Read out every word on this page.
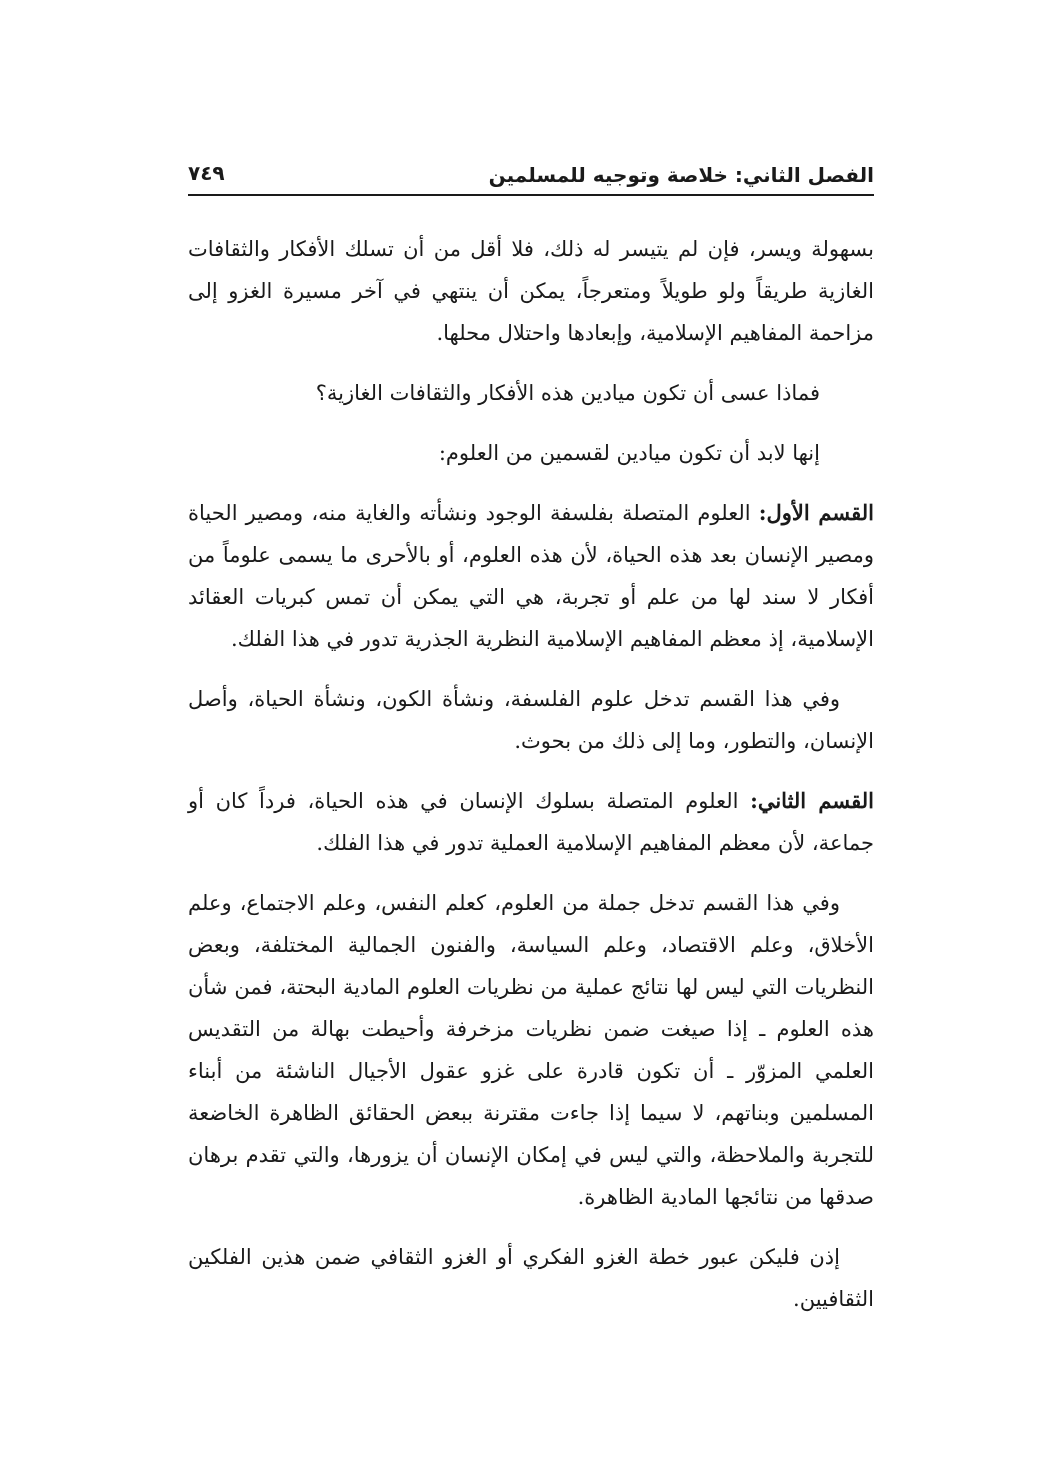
الفصل الثاني: خلاصة وتوجيه للمسلمين
٧٤٩

بسهولة ويسر، فإن لم يتيسر له ذلك، فلا أقل من أن تسلك الأفكار والثقافات الغازية طريقاً ولو طويلاً ومتعرجاً، يمكن أن ينتهي في آخر مسيرة الغزو إلى مزاحمة المفاهيم الإسلامية، وإبعادها واحتلال محلها.

فماذا عسى أن تكون ميادين هذه الأفكار والثقافات الغازية؟

إنها لابد أن تكون ميادين لقسمين من العلوم:

القسم الأول: العلوم المتصلة بفلسفة الوجود ونشأته والغاية منه، ومصير الحياة ومصير الإنسان بعد هذه الحياة، لأن هذه العلوم، أو بالأحرى ما يسمى علوماً من أفكار لا سند لها من علم أو تجربة، هي التي يمكن أن تمس كبريات العقائد الإسلامية، إذ معظم المفاهيم الإسلامية النظرية الجذرية تدور في هذا الفلك.

وفي هذا القسم تدخل علوم الفلسفة، ونشأة الكون، ونشأة الحياة، وأصل الإنسان، والتطور، وما إلى ذلك من بحوث.

القسم الثاني: العلوم المتصلة بسلوك الإنسان في هذه الحياة، فرداً كان أو جماعة، لأن معظم المفاهيم الإسلامية العملية تدور في هذا الفلك.

وفي هذا القسم تدخل جملة من العلوم، كعلم النفس، وعلم الاجتماع، وعلم الأخلاق، وعلم الاقتصاد، وعلم السياسة، والفنون الجمالية المختلفة، وبعض النظريات التي ليس لها نتائج عملية من نظريات العلوم المادية البحتة، فمن شأن هذه العلوم ـ إذا صيغت ضمن نظريات مزخرفة وأحيطت بهالة من التقديس العلمي المزوّر ـ أن تكون قادرة على غزو عقول الأجيال الناشئة من أبناء المسلمين وبناتهم، لا سيما إذا جاءت مقترنة ببعض الحقائق الظاهرة الخاضعة للتجربة والملاحظة، والتي ليس في إمكان الإنسان أن يزورها، والتي تقدم برهان صدقها من نتائجها المادية الظاهرة.

إذن فليكن عبور خطة الغزو الفكري أو الغزو الثقافي ضمن هذين الفلكين الثقافيين.
